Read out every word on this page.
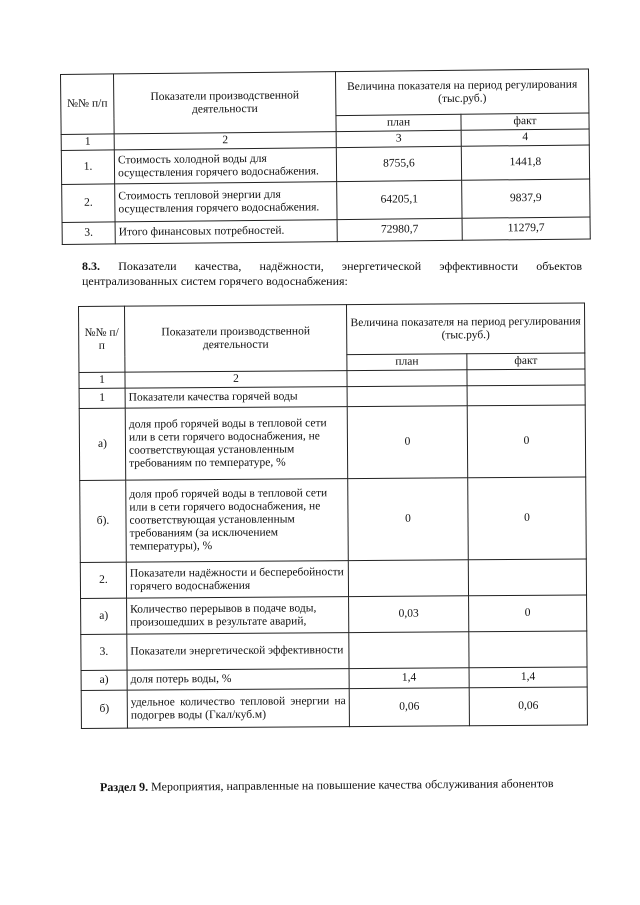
№№ п/п	Показатели производственной деятельности	Величина показателя на период регулирования (тыс.руб.)	
		план	факт
1	2	3	4
1.	Стоимость холодной воды для осуществления горячего водоснабжения.	8755,6	1441,8
2.	Стоимость тепловой энергии для осуществления горячего водоснабжения.	64205,1	9837,9
3.	Итого финансовых потребностей.	72980,7	11279,7
8.3. Показатели качества, надёжности, энергетической эффективности объектов централизованных систем горячего водоснабжения:
№№ п/п	Показатели производственной деятельности	Величина показателя на период регулирования (тыс.руб.)	
		план	факт
1	2		
1	Показатели качества горячей воды		
а)	доля проб горячей воды в тепловой сети или в сети горячего водоснабжения, не соответствующая установленным требованиям по температуре, %	0	0
б).	доля проб горячей воды в тепловой сети или в сети горячего водоснабжения, не соответствующая установленным требованиям (за исключением температуры), %	0	0
2.	Показатели надёжности и бесперебойности горячего водоснабжения		
а)	Количество перерывов в подаче воды, произошедших в результате аварий,	0,03	0
3.	Показатели энергетической эффективности		
а)	доля потерь воды, %	1,4	1,4
б)	удельное количество тепловой энергии на подогрев воды (Гкал/куб.м)	0,06	0,06
Раздел 9. Мероприятия, направленные на повышение качества обслуживания абонентов
